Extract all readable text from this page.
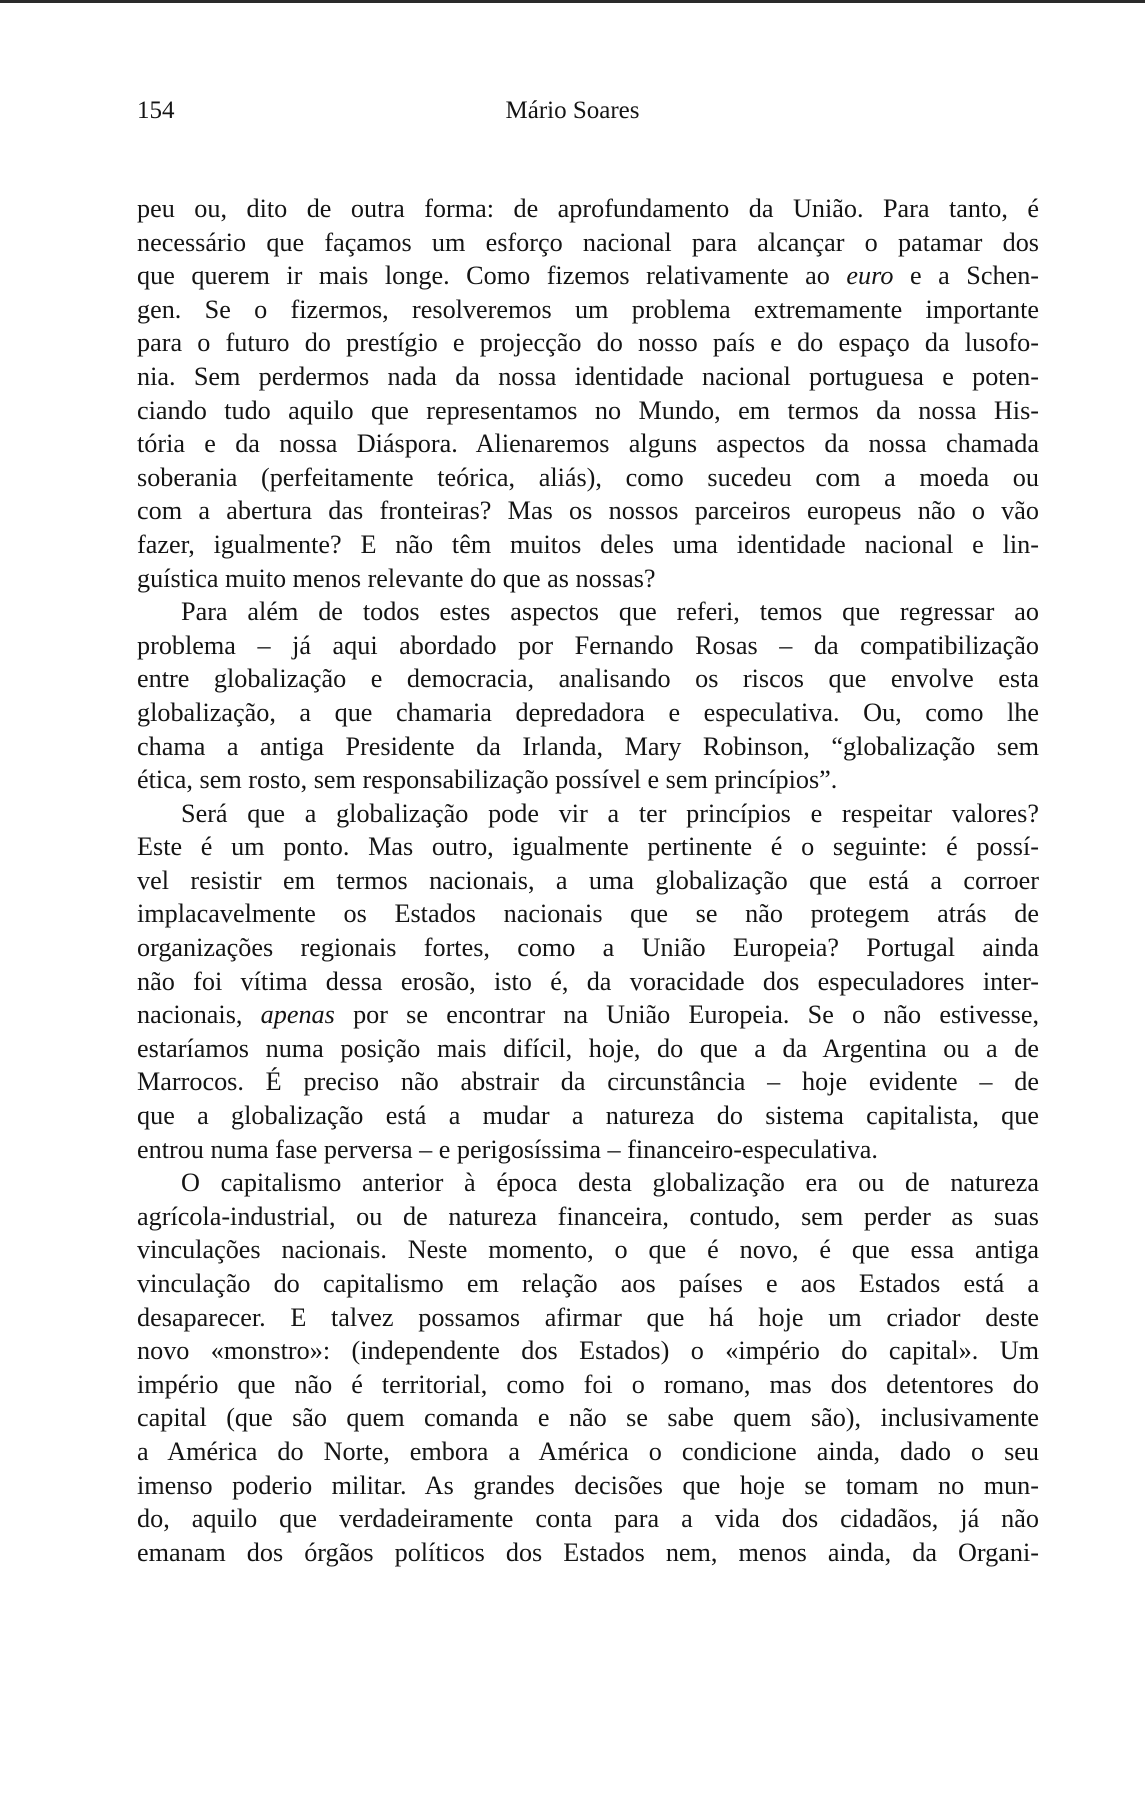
154	Mário Soares
peu ou, dito de outra forma: de aprofundamento da União. Para tanto, é
necessário que façamos um esforço nacional para alcançar o patamar dos
que querem ir mais longe. Como fizemos relativamente ao euro e a Schen-
gen. Se o fizermos, resolveremos um problema extremamente importante
para o futuro do prestígio e projecção do nosso país e do espaço da lusofo-
nia. Sem perdermos nada da nossa identidade nacional portuguesa e poten-
ciando tudo aquilo que representamos no Mundo, em termos da nossa His-
tória e da nossa Diáspora. Alienaremos alguns aspectos da nossa chamada
soberania (perfeitamente teórica, aliás), como sucedeu com a moeda ou
com a abertura das fronteiras? Mas os nossos parceiros europeus não o vão
fazer, igualmente? E não têm muitos deles uma identidade nacional e lin-
guística muito menos relevante do que as nossas?
Para além de todos estes aspectos que referi, temos que regressar ao
problema – já aqui abordado por Fernando Rosas – da compatibilização
entre globalização e democracia, analisando os riscos que envolve esta
globalização, a que chamaria depredadora e especulativa. Ou, como lhe
chama a antiga Presidente da Irlanda, Mary Robinson, “globalização sem
ética, sem rosto, sem responsabilização possível e sem princípios”.
Será que a globalização pode vir a ter princípios e respeitar valores?
Este é um ponto. Mas outro, igualmente pertinente é o seguinte: é possí-
vel resistir em termos nacionais, a uma globalização que está a corroer
implacavelmente os Estados nacionais que se não protegem atrás de
organizações regionais fortes, como a União Europeia? Portugal ainda
não foi vítima dessa erosão, isto é, da voracidade dos especuladores inter-
nacionais, apenas por se encontrar na União Europeia. Se o não estivesse,
estaríamos numa posição mais difícil, hoje, do que a da Argentina ou a de
Marrocos. É preciso não abstrair da circunstância – hoje evidente – de
que a globalização está a mudar a natureza do sistema capitalista, que
entrou numa fase perversa – e perigosíssima – financeiro-especulativa.
O capitalismo anterior à época desta globalização era ou de natureza
agrícola-industrial, ou de natureza financeira, contudo, sem perder as suas
vinculações nacionais. Neste momento, o que é novo, é que essa antiga
vinculação do capitalismo em relação aos países e aos Estados está a
desaparecer. E talvez possamos afirmar que há hoje um criador deste
novo «monstro»: (independente dos Estados) o «império do capital». Um
império que não é territorial, como foi o romano, mas dos detentores do
capital (que são quem comanda e não se sabe quem são), inclusivamente
a América do Norte, embora a América o condicione ainda, dado o seu
imenso poderio militar. As grandes decisões que hoje se tomam no mun-
do, aquilo que verdadeiramente conta para a vida dos cidadãos, já não
emanam dos órgãos políticos dos Estados nem, menos ainda, da Organi-
